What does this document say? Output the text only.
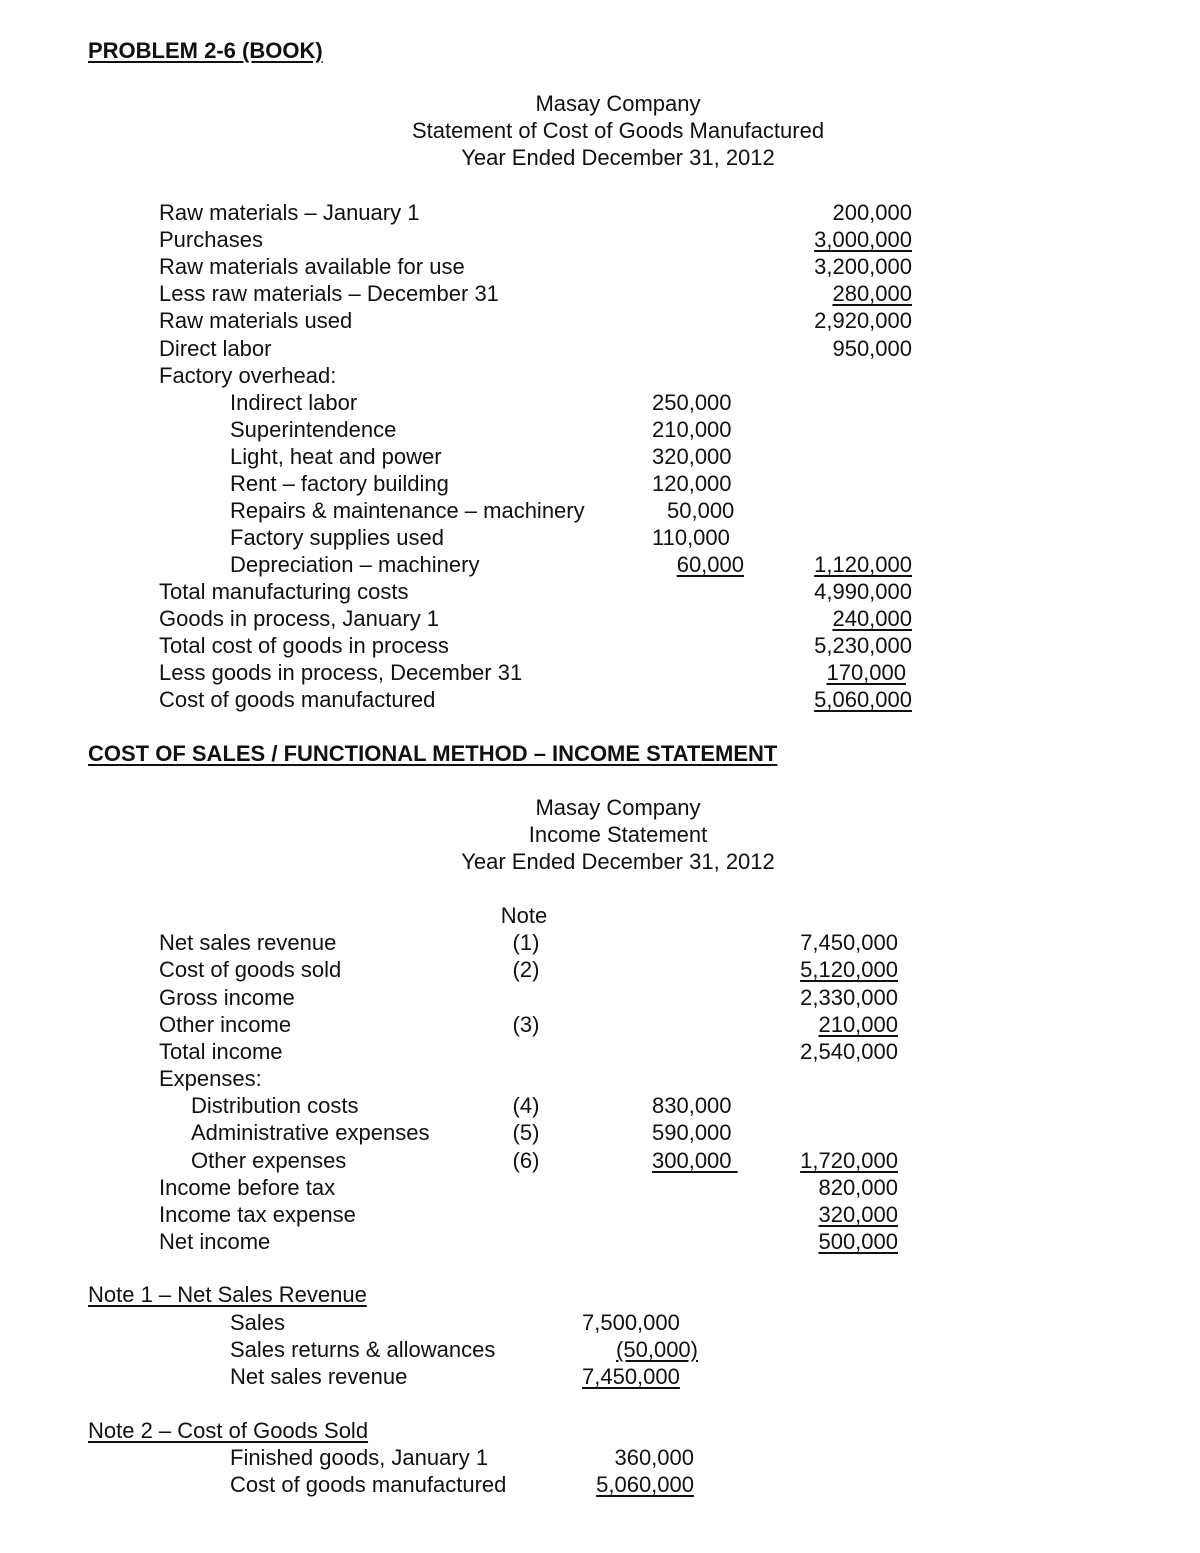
PROBLEM 2-6 (BOOK)
Masay Company
Statement of Cost of Goods Manufactured
Year Ended December 31, 2012
Raw materials – January 1	200,000
Purchases	3,000,000
Raw materials available for use	3,200,000
Less raw materials – December 31	280,000
Raw materials used	2,920,000
Direct labor	950,000
Factory overhead:
Indirect labor	250,000
Superintendence	210,000
Light, heat and power	320,000
Rent – factory building	120,000
Repairs & maintenance – machinery	50,000
Factory supplies used	110,000
Depreciation – machinery	60,000	1,120,000
Total manufacturing costs	4,990,000
Goods in process, January 1	240,000
Total cost of goods in process	5,230,000
Less goods in process, December 31	170,000
Cost of goods manufactured	5,060,000
COST OF SALES / FUNCTIONAL METHOD – INCOME STATEMENT
Masay Company
Income Statement
Year Ended December 31, 2012
Note
Net sales revenue	(1)	7,450,000
Cost of goods sold	(2)	5,120,000
Gross income	2,330,000
Other income	(3)	210,000
Total income	2,540,000
Expenses:
Distribution costs	(4)	830,000
Administrative expenses	(5)	590,000
Other expenses	(6)	300,000	1,720,000
Income before tax	820,000
Income tax expense	320,000
Net income	500,000
Note 1 – Net Sales Revenue
Sales	7,500,000
Sales returns & allowances	(50,000)
Net sales revenue	7,450,000
Note 2 – Cost of Goods Sold
Finished goods, January 1	360,000
Cost of goods manufactured	5,060,000
